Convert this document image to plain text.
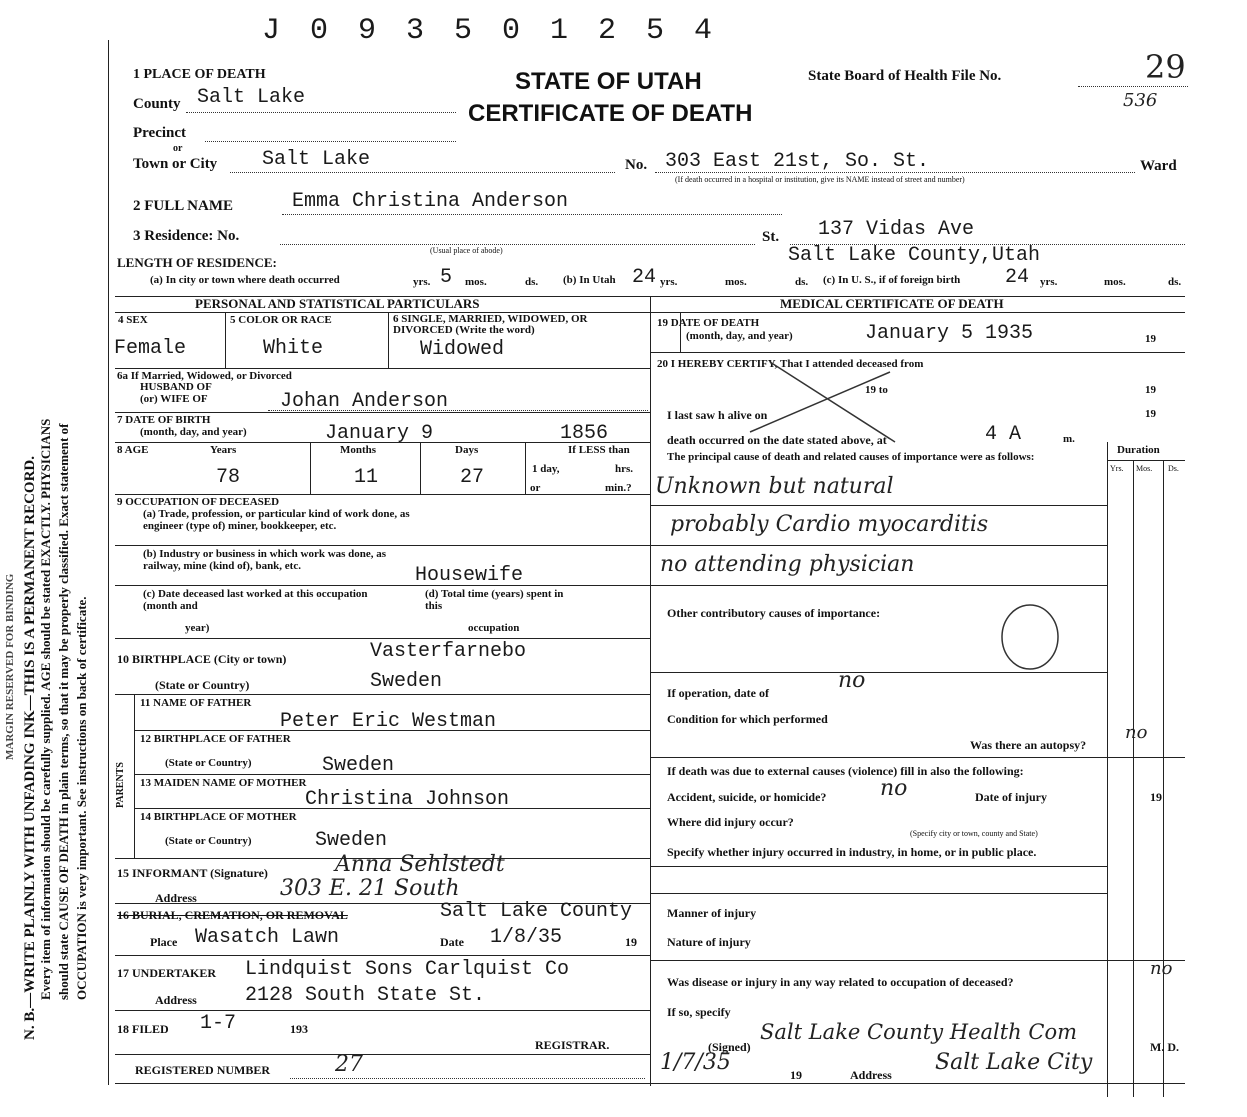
N. B.—WRITE PLAINLY WITH UNFADING INK—THIS IS A PERMANENT RECORD. Every item of information should be carefully supplied. AGE should be stated EXACTLY. PHYSICIANS should state CAUSE OF DEATH in plain terms, so that it may be properly classified. Exact statement of OCCUPATION is very important. See instructions on back of certificate.
MARGIN RESERVED FOR BINDING
J 0 9 3 5 0 1 2 5 4
1 PLACE OF DEATH	STATE OF UTAH
CERTIFICATE OF DEATH
State Board of Health File No.	29
536
County Salt Lake
Precinct
or
Town or City Salt Lake	No. 303 East 21st, So. St.	Ward
(If death occurred in a hospital or institution, give its NAME instead of street and number)
2 FULL NAME	Emma Christina Anderson
3 Residence: No.
(Usual place of abode)
St. 137 Vidas Ave
Salt Lake County,Utah
LENGTH OF RESIDENCE:
(a) In city or town where death occurred	yrs. 5 mos.	ds. (b) In Utah 24 yrs.	mos.	ds. (c) In U. S., if of foreign birth 24 yrs.	mos.	ds.
PERSONAL AND STATISTICAL PARTICULARS	MEDICAL CERTIFICATE OF DEATH
4 SEX
Female
5 COLOR OR RACE
White
6 SINGLE, MARRIED, WIDOWED, OR DIVORCED (Write the word)
Widowed
6a If Married, Widowed, or Divorced
HUSBAND OF
(or) WIFE OF	Johan Anderson
7 DATE OF BIRTH
(month, day, and year)	January 9	1856
8 AGE	Years	Months	Days	If LESS than
78	11	27	1 day,	hrs.
or	min.?
9 OCCUPATION OF DECEASED
(a) Trade, profession, or particular kind of work done, as engineer (type of) miner, bookkeeper, etc.
(b) Industry or business in which work was done, as railway, mine (kind of), bank, etc.	Housewife
(c) Date deceased last worked at this occupation (month and
year)
(d) Total time (years) spent in this
occupation
10 BIRTHPLACE (City or town)	Vasterfarnebo
(State or Country)	Sweden
PARENTS
11 NAME OF FATHER
Peter Eric Westman
12 BIRTHPLACE OF FATHER
(State or Country)	Sweden
13 MAIDEN NAME OF MOTHER
Christina Johnson
14 BIRTHPLACE OF MOTHER
(State or Country)	Sweden
15 INFORMANT (Signature)	Anna Sehlstedt
Address	303 E. 21 South
16 BURIAL, CREMATION, OR REMOVAL	Salt Lake County
Place Wasatch Lawn	Date 1/8/35	19
17 UNDERTAKER Lindquist Sons Carlquist Co
Address 2128 South State St.
18 FILED 1-7	193
REGISTRAR.
REGISTERED NUMBER	27
19 DATE OF DEATH
(month, day, and year)	January 5 1935	19
20 I HEREBY CERTIFY, That I attended deceased from
19 to	19
I last saw h alive on	19
death occurred on the date stated above, at	4 A	m.
The principal cause of death and related causes of importance were as follows:
Duration
Yrs. Mos. Ds.
Unknown but natural
probably Cardio myocarditis
no attending physician
Other contributory causes of importance:
If operation, date of	no
Condition for which performed
Was there an autopsy?
no
If death was due to external causes (violence) fill in also the following:
Accident, suicide, or homicide? no	Date of injury	19
Where did injury occur?
(Specify city or town, county and State)
Specify whether injury occurred in industry, in home, or in public place.
Manner of injury
Nature of injury
Was disease or injury in any way related to occupation of deceased?
no
If so, specify
(Signed)
Salt Lake County Health Com
M. D.
1/7/35	19	Address Salt Lake City
